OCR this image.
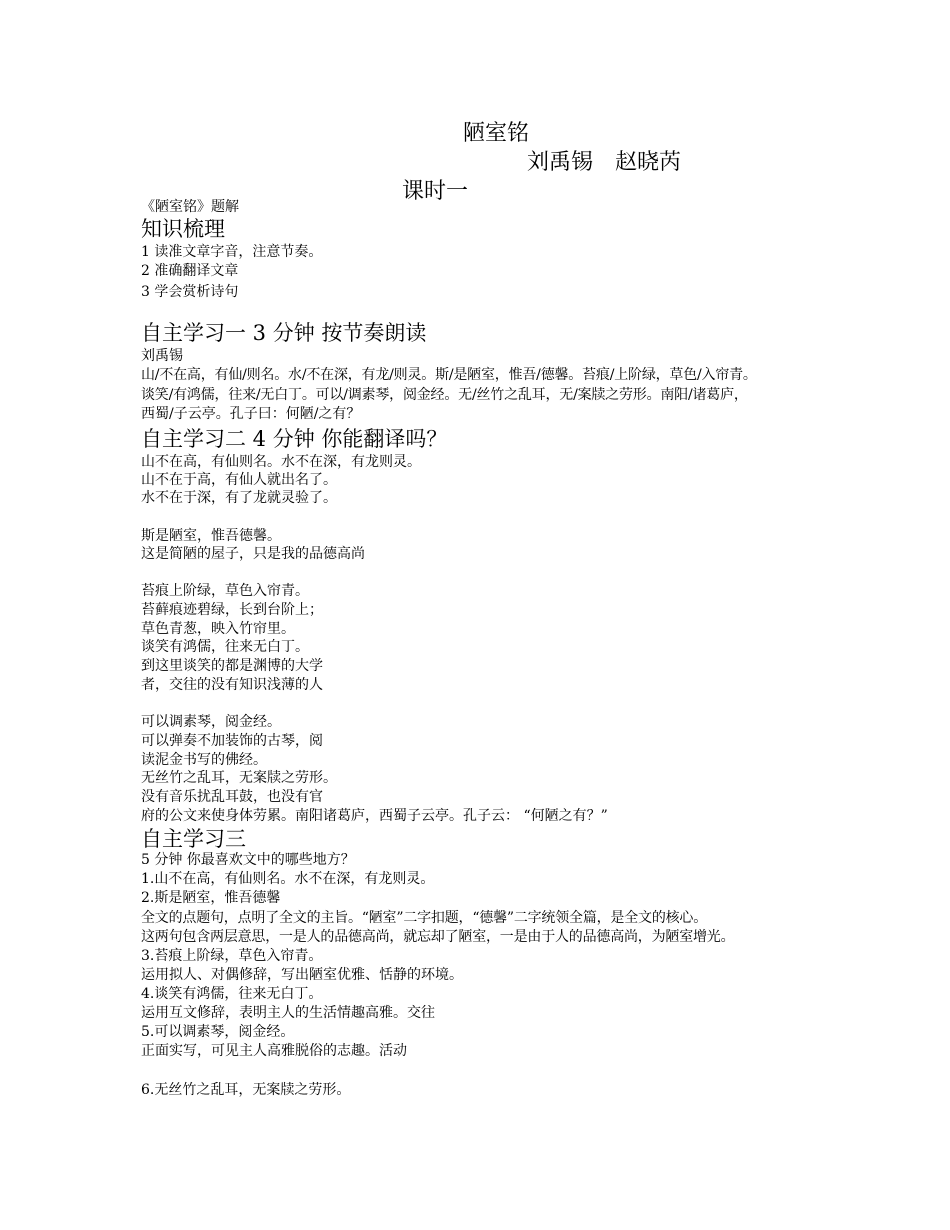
陋室铭
刘禹锡　赵晓芮
课时一
《陋室铭》题解
知识梳理
1 读准文章字音，注意节奏。
2 准确翻译文章
3 学会赏析诗句
自主学习一 3 分钟 按节奏朗读
刘禹锡
山/不在高，有仙/则名。水/不在深，有龙/则灵。斯/是陋室，惟吾/德馨。苔痕/上阶绿，草色/入帘青。
谈笑/有鸿儒，往来/无白丁。可以/调素琴，阅金经。无/丝竹之乱耳，无/案牍之劳形。南阳/诸葛庐，
西蜀/子云亭。孔子曰：何陋/之有？
自主学习二 4 分钟 你能翻译吗？
山不在高，有仙则名。水不在深，有龙则灵。
山不在于高，有仙人就出名了。
水不在于深，有了龙就灵验了。
斯是陋室，惟吾德馨。
这是简陋的屋子，只是我的品德高尚
苔痕上阶绿，草色入帘青。
苔藓痕迹碧绿，长到台阶上；
草色青葱，映入竹帘里。
谈笑有鸿儒，往来无白丁。
到这里谈笑的都是渊博的大学
者，交往的没有知识浅薄的人
可以调素琴，阅金经。
可以弹奏不加装饰的古琴，阅
读泥金书写的佛经。
无丝竹之乱耳，无案牍之劳形。
没有音乐扰乱耳鼓，也没有官
府的公文来使身体劳累。南阳诸葛庐，西蜀子云亭。孔子云： “何陋之有？”
自主学习三
5 分钟 你最喜欢文中的哪些地方？
1.山不在高，有仙则名。水不在深，有龙则灵。
2.斯是陋室，惟吾德馨
全文的点题句，点明了全文的主旨。“陋室”二字扣题，“德馨”二字统领全篇，是全文的核心。
这两句包含两层意思，一是人的品德高尚，就忘却了陋室，一是由于人的品德高尚，为陋室增光。
3.苔痕上阶绿，草色入帘青。
运用拟人、对偶修辞，写出陋室优雅、恬静的环境。
4.谈笑有鸿儒，往来无白丁。
运用互文修辞，表明主人的生活情趣高雅。交往
5.可以调素琴，阅金经。
正面实写，可见主人高雅脱俗的志趣。活动
6.无丝竹之乱耳，无案牍之劳形。
